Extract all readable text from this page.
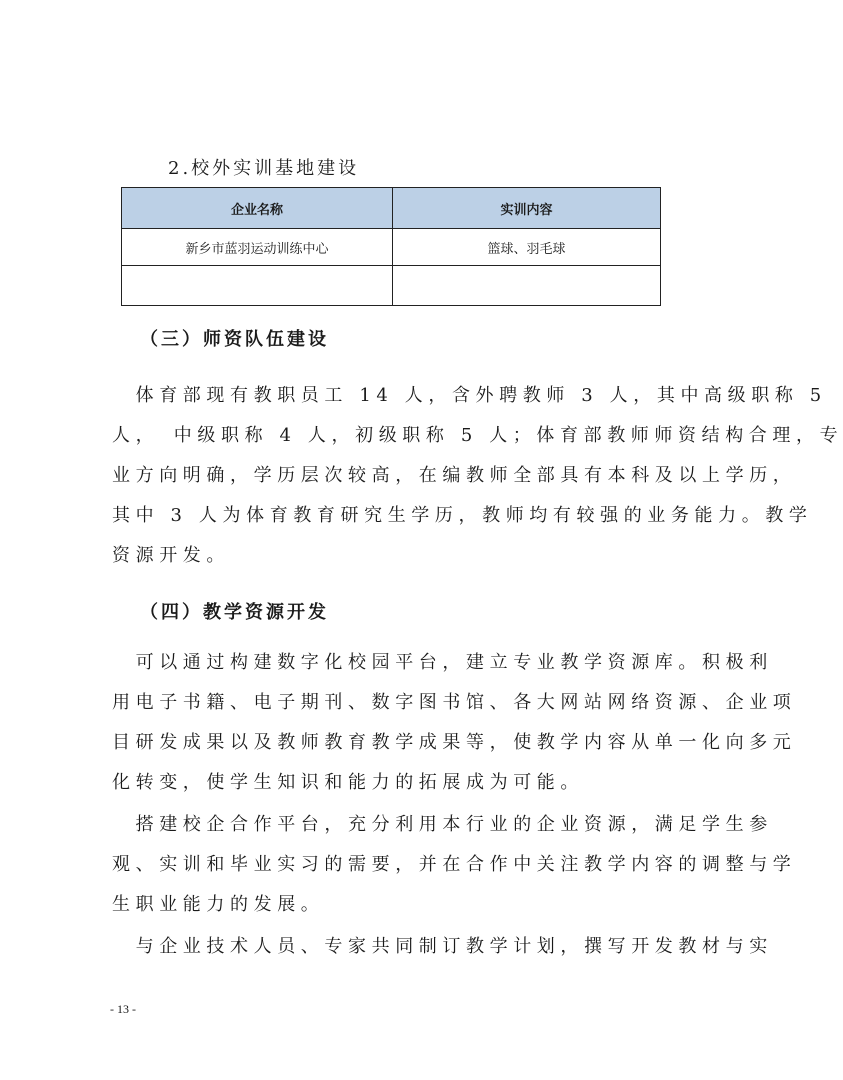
2.校外实训基地建设

企业名称	实训内容
新乡市蓝羽运动训练中心	篮球、羽毛球

（三）师资队伍建设

　体育部现有教职员工 14 人，含外聘教师 3 人，其中高级职称 5

人，　中级职称 4 人，初级职称 5 人；体育部教师师资结构合理，专

业方向明确，学历层次较高，在编教师全部具有本科及以上学历，

其中 3 人为体育教育研究生学历，教师均有较强的业务能力。教学

资源开发。

（四）教学资源开发

　可以通过构建数字化校园平台，建立专业教学资源库。积极利

用电子书籍、电子期刊、数字图书馆、各大网站网络资源、企业项

目研发成果以及教师教育教学成果等，使教学内容从单一化向多元

化转变，使学生知识和能力的拓展成为可能。

　搭建校企合作平台，充分利用本行业的企业资源，满足学生参

观、实训和毕业实习的需要，并在合作中关注教学内容的调整与学

生职业能力的发展。

　与企业技术人员、专家共同制订教学计划，撰写开发教材与实

- 13 -
